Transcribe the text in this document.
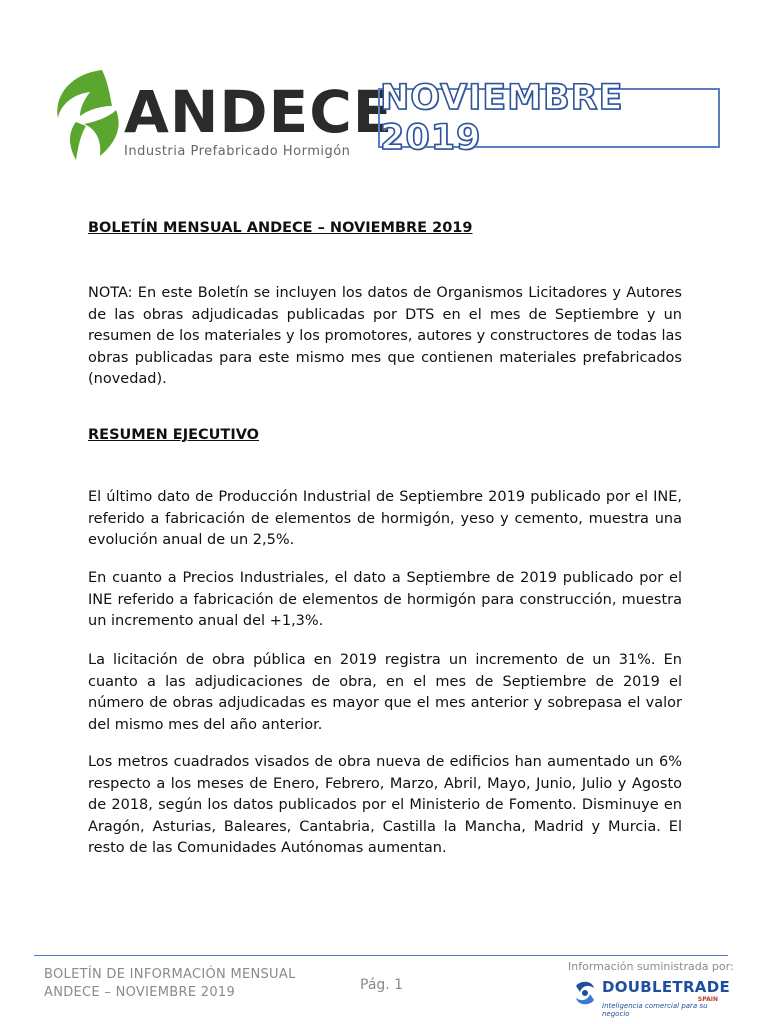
ANDECE
Industria Prefabricado Hormigón
NOVIEMBRE 2019
BOLETÍN MENSUAL ANDECE – NOVIEMBRE 2019

NOTA: En este Boletín se incluyen los datos de Organismos Licitadores y Autores de las obras adjudicadas publicadas por DTS en el mes de Septiembre y un resumen de los materiales y los promotores, autores y constructores de todas las obras publicadas para este mismo mes que contienen materiales prefabricados (novedad).

RESUMEN EJECUTIVO

El último dato de Producción Industrial de Septiembre 2019 publicado por el INE, referido a fabricación de elementos de hormigón, yeso y cemento, muestra una evolución anual de un 2,5%.

En cuanto a Precios Industriales, el dato a Septiembre de 2019 publicado por el INE referido a fabricación de elementos de hormigón para construcción, muestra un incremento anual del +1,3%.

La licitación de obra pública en 2019 registra un incremento de un 31%. En cuanto a las adjudicaciones de obra, en el mes de Septiembre de 2019 el número de obras adjudicadas es mayor que el mes anterior y sobrepasa el valor del mismo mes del año anterior.

Los metros cuadrados visados de obra nueva de edificios han aumentado un 6% respecto a los meses de Enero, Febrero, Marzo, Abril, Mayo, Junio, Julio y Agosto de 2018, según los datos publicados por el Ministerio de Fomento. Disminuye en Aragón, Asturias, Baleares, Cantabria, Castilla la Mancha, Madrid y Murcia. El resto de las Comunidades Autónomas aumentan.

BOLETÍN DE INFORMACIÓN MENSUAL
ANDECE – NOVIEMBRE 2019	Pág. 1
Información suministrada por:
DOUBLETRADE
SPAIN
Inteligencia comercial para su negocio
